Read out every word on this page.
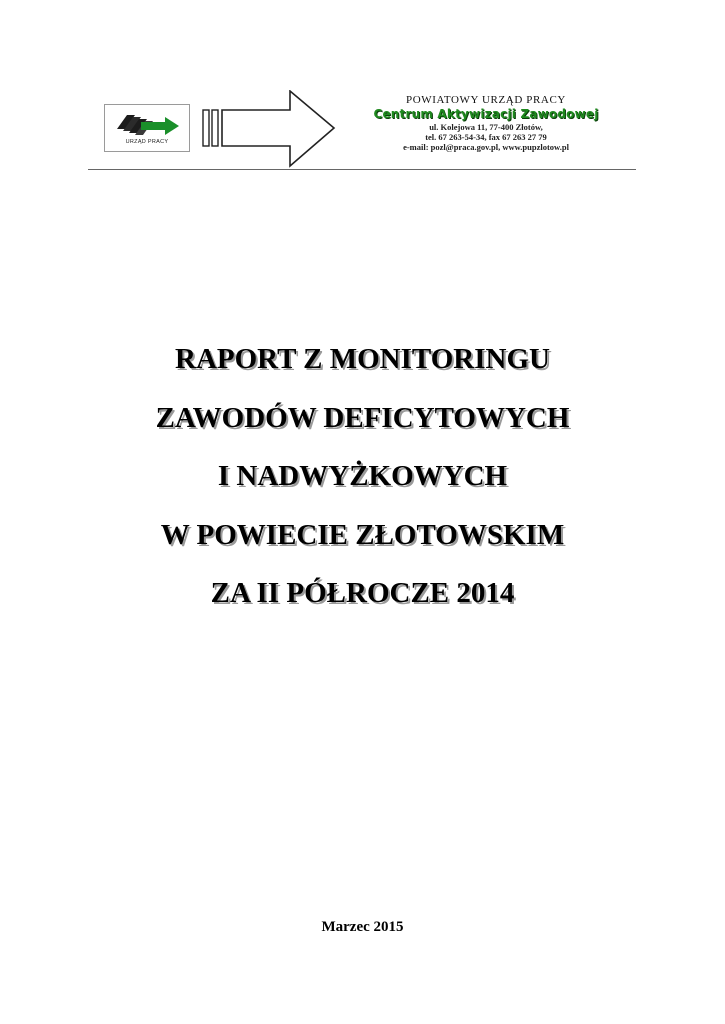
URZĄD PRACY
POWIATOWY URZĄD PRACY
Centrum Aktywizacji Zawodowej
ul. Kolejowa 11, 77-400 Złotów,
tel. 67 263-54-34, fax 67 263 27 79
e-mail: pozl@praca.gov.pl, www.pupzlotow.pl
RAPORT Z MONITORINGU
ZAWODÓW DEFICYTOWYCH
I NADWYŻKOWYCH
W POWIECIE ZŁOTOWSKIM
ZA II PÓŁROCZE 2014
Marzec 2015
